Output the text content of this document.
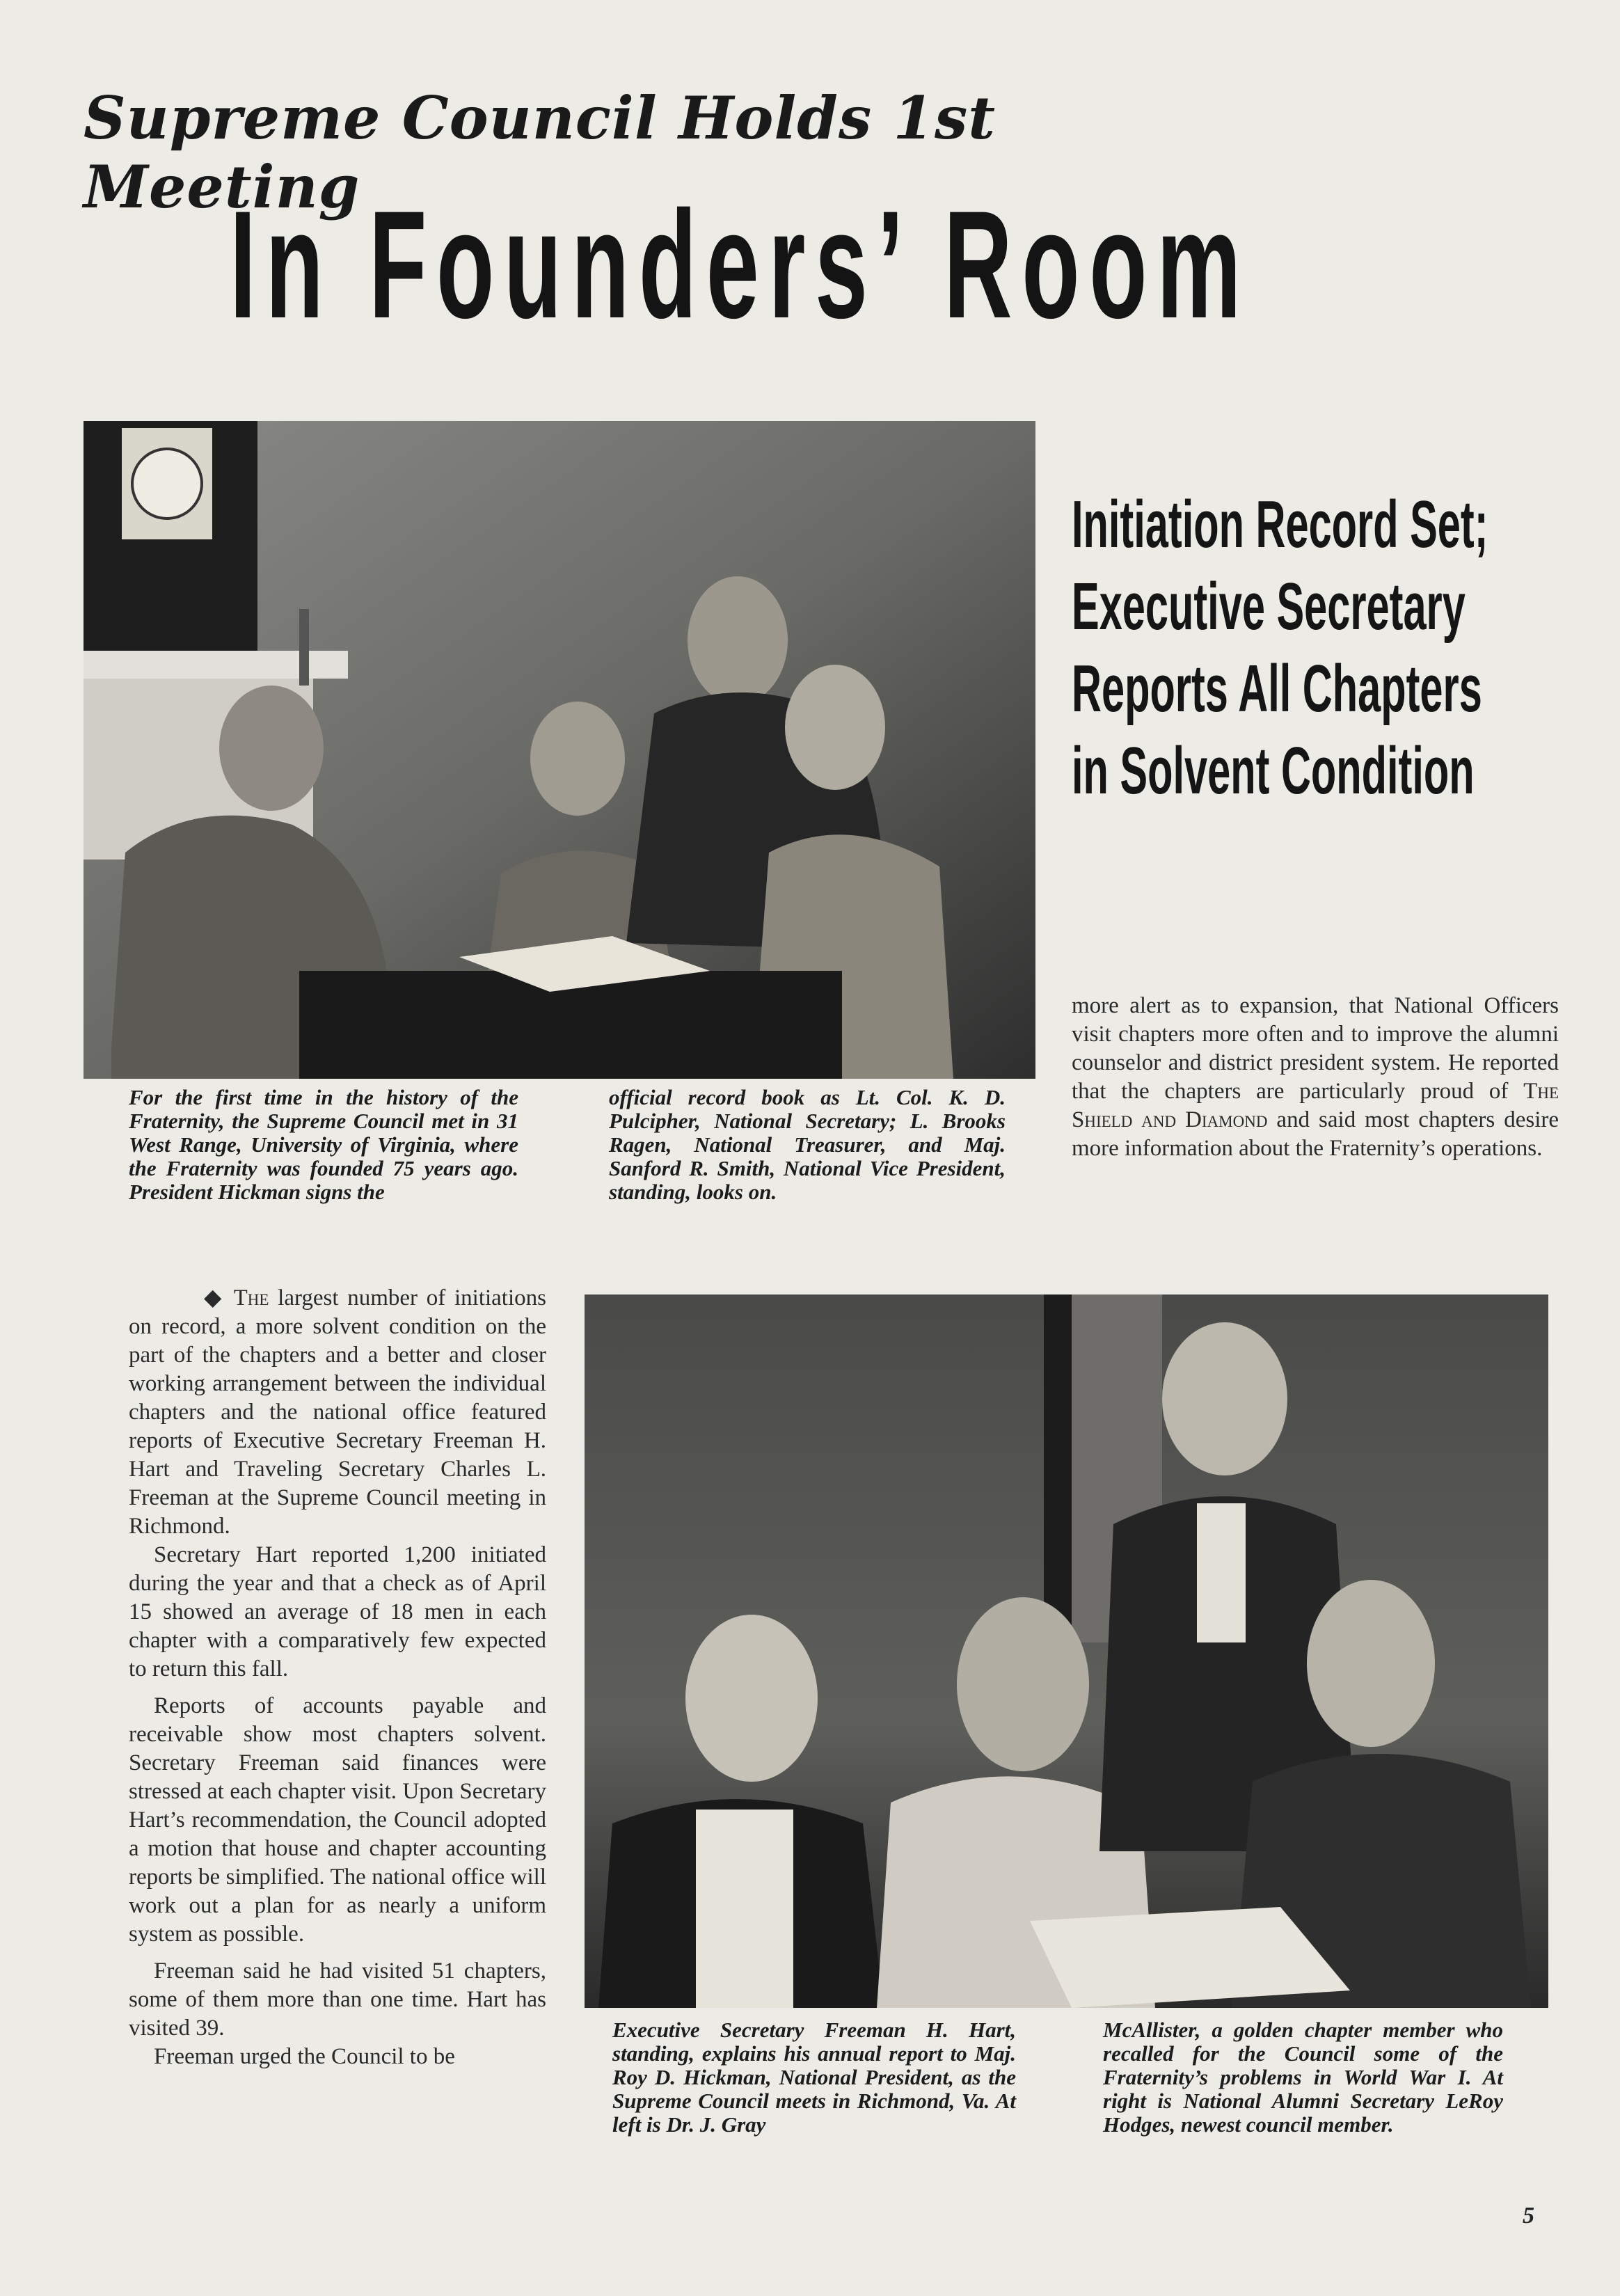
Supreme Council Holds 1st Meeting
In Founders’ Room
Initiation Record Set;
Executive Secretary
Reports All Chapters
in Solvent Condition
For the first time in the history of the Fraternity, the Supreme Council met in 31 West Range, University of Virginia, where the Fraternity was founded 75 years ago. President Hickman signs the
official record book as Lt. Col. K. D. Pulcipher, National Secretary; L. Brooks Ragen, National Treasurer, and Maj. Sanford R. Smith, National Vice President, standing, looks on.
more alert as to expansion, that National Officers visit chapters more often and to improve the alumni counselor and district president system. He reported that the chapters are particularly proud of The Shield and Diamond and said most chapters desire more information about the Fraternity’s operations.

◆ The largest number of initiations on record, a more solvent condition on the part of the chapters and a better and closer working arrangement between the individual chapters and the national office featured reports of Executive Secretary Freeman H. Hart and Traveling Secretary Charles L. Freeman at the Supreme Council meeting in Richmond.

Secretary Hart reported 1,200 initiated during the year and that a check as of April 15 showed an average of 18 men in each chapter with a comparatively few expected to return this fall.

Reports of accounts payable and receivable show most chapters solvent. Secretary Freeman said finances were stressed at each chapter visit. Upon Secretary Hart’s recommendation, the Council adopted a motion that house and chapter accounting reports be simplified. The national office will work out a plan for as nearly a uniform system as possible.

Freeman said he had visited 51 chapters, some of them more than one time. Hart has visited 39.

Freeman urged the Council to be

Executive Secretary Freeman H. Hart, standing, explains his annual report to Maj. Roy D. Hickman, National President, as the Supreme Council meets in Richmond, Va. At left is Dr. J. Gray
McAllister, a golden chapter member who recalled for the Council some of the Fraternity’s problems in World War I. At right is National Alumni Secretary LeRoy Hodges, newest council member.
5
